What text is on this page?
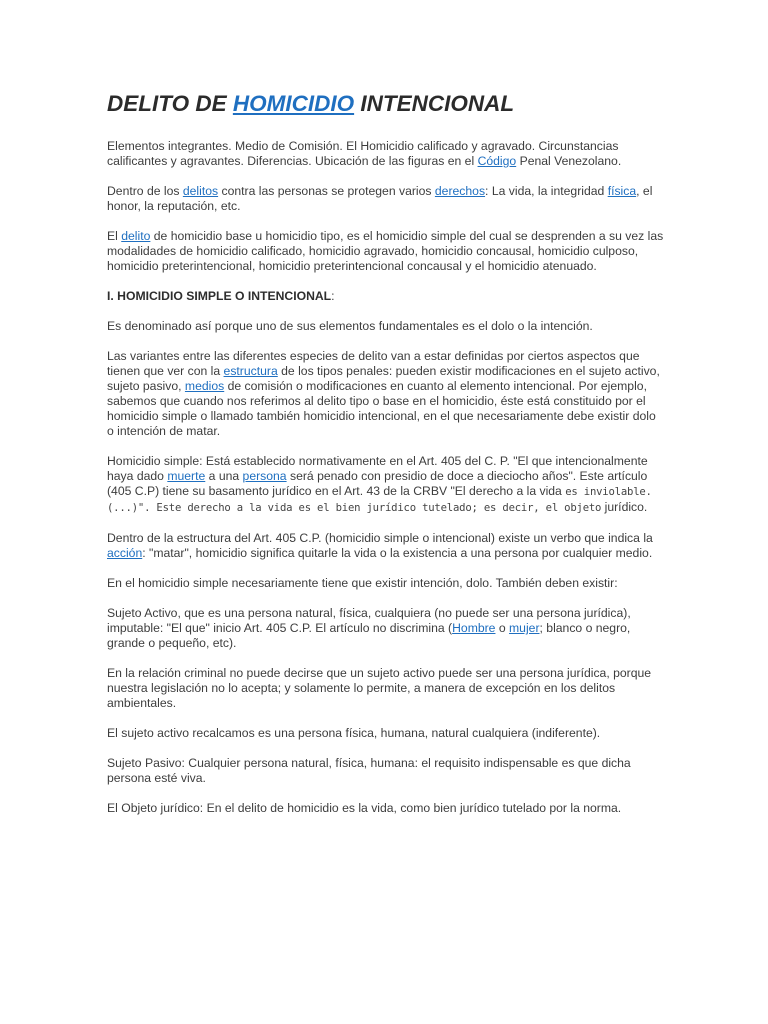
DELITO DE HOMICIDIO INTENCIONAL

Elementos integrantes. Medio de Comisión. El Homicidio calificado y agravado. Circunstancias calificantes y agravantes. Diferencias. Ubicación de las figuras en el Código Penal Venezolano.

Dentro de los delitos contra las personas se protegen varios derechos: La vida, la integridad física, el honor, la reputación, etc.

El delito de homicidio base u homicidio tipo, es el homicidio simple del cual se desprenden a su vez las modalidades de homicidio calificado, homicidio agravado, homicidio concausal, homicidio culposo, homicidio preterintencional, homicidio preterintencional concausal y el homicidio atenuado.

I. HOMICIDIO SIMPLE O INTENCIONAL:

Es denominado así porque uno de sus elementos fundamentales es el dolo o la intención.

Las variantes entre las diferentes especies de delito van a estar definidas por ciertos aspectos que tienen que ver con la estructura de los tipos penales: pueden existir modificaciones en el sujeto activo, sujeto pasivo, medios de comisión o modificaciones en cuanto al elemento intencional. Por ejemplo, sabemos que cuando nos referimos al delito tipo o base en el homicidio, éste está constituido por el homicidio simple o llamado también homicidio intencional, en el que necesariamente debe existir dolo o intención de matar.

Homicidio simple: Está establecido normativamente en el Art. 405 del C. P. "El que intencionalmente haya dado muerte a una persona será penado con presidio de doce a dieciocho años". Este artículo (405 C.P) tiene su basamento jurídico en el Art. 43 de la CRBV "El derecho a la vida es inviolable. (...)". Este derecho a la vida es el bien jurídico tutelado; es decir, el objeto jurídico.

Dentro de la estructura del Art. 405 C.P. (homicidio simple o intencional) existe un verbo que indica la acción: "matar", homicidio significa quitarle la vida o la existencia a una persona por cualquier medio.

En el homicidio simple necesariamente tiene que existir intención, dolo. También deben existir:

Sujeto Activo, que es una persona natural, física, cualquiera (no puede ser una persona jurídica), imputable: "El que" inicio Art. 405 C.P. El artículo no discrimina (Hombre o mujer; blanco o negro, grande o pequeño, etc).

En la relación criminal no puede decirse que un sujeto activo puede ser una persona jurídica, porque nuestra legislación no lo acepta; y solamente lo permite, a manera de excepción en los delitos ambientales.

El sujeto activo recalcamos es una persona física, humana, natural cualquiera (indiferente).

Sujeto Pasivo: Cualquier persona natural, física, humana: el requisito indispensable es que dicha persona esté viva.

El Objeto jurídico: En el delito de homicidio es la vida, como bien jurídico tutelado por la norma.
